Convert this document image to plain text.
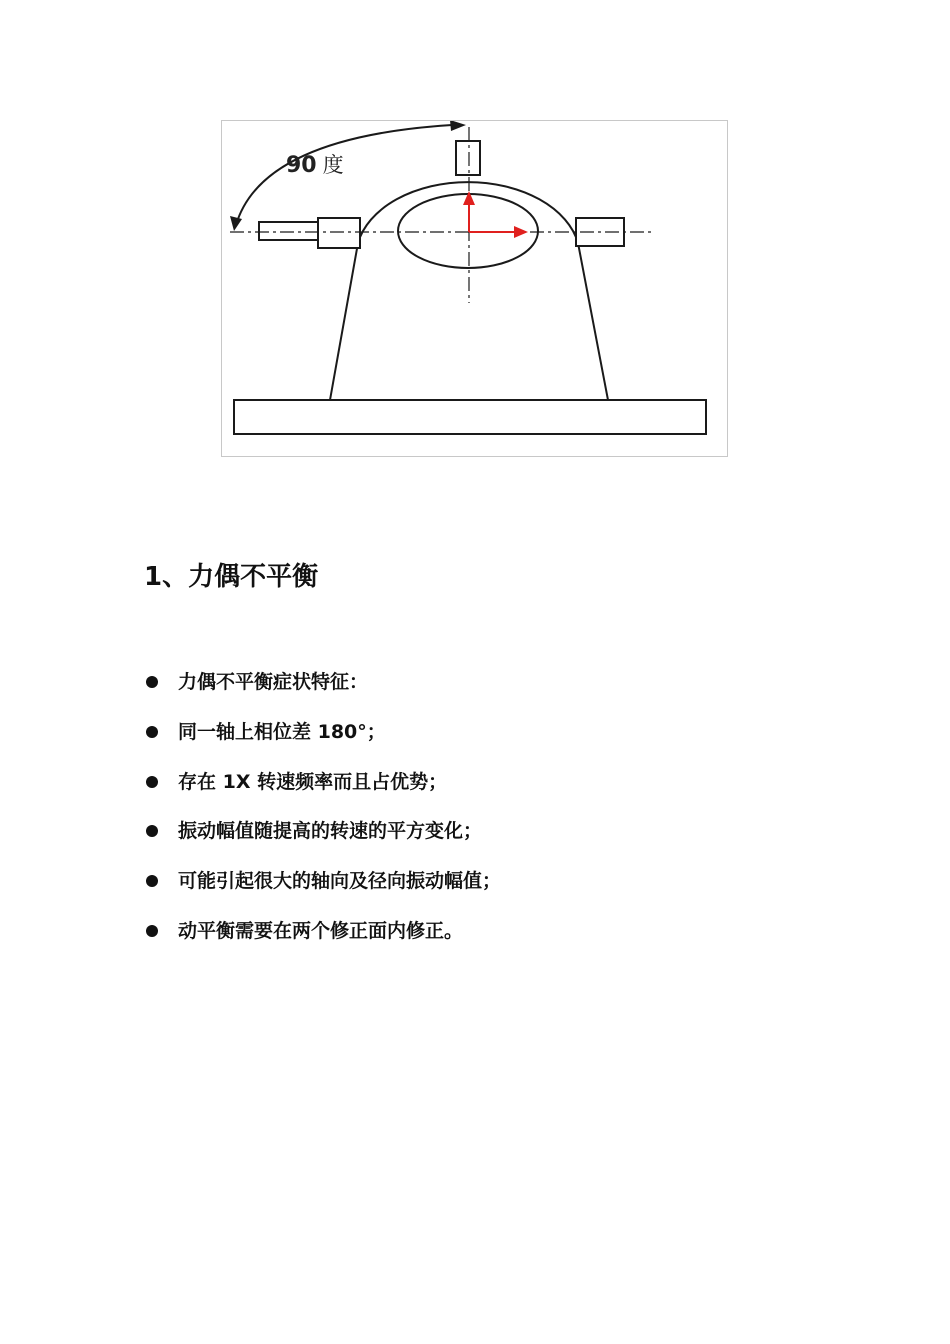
90 度
1、力偶不平衡
力偶不平衡症状特征：
同一轴上相位差 180°；
存在 1X 转速频率而且占优势；
振动幅值随提高的转速的平方变化；
可能引起很大的轴向及径向振动幅值；
动平衡需要在两个修正面内修正。
